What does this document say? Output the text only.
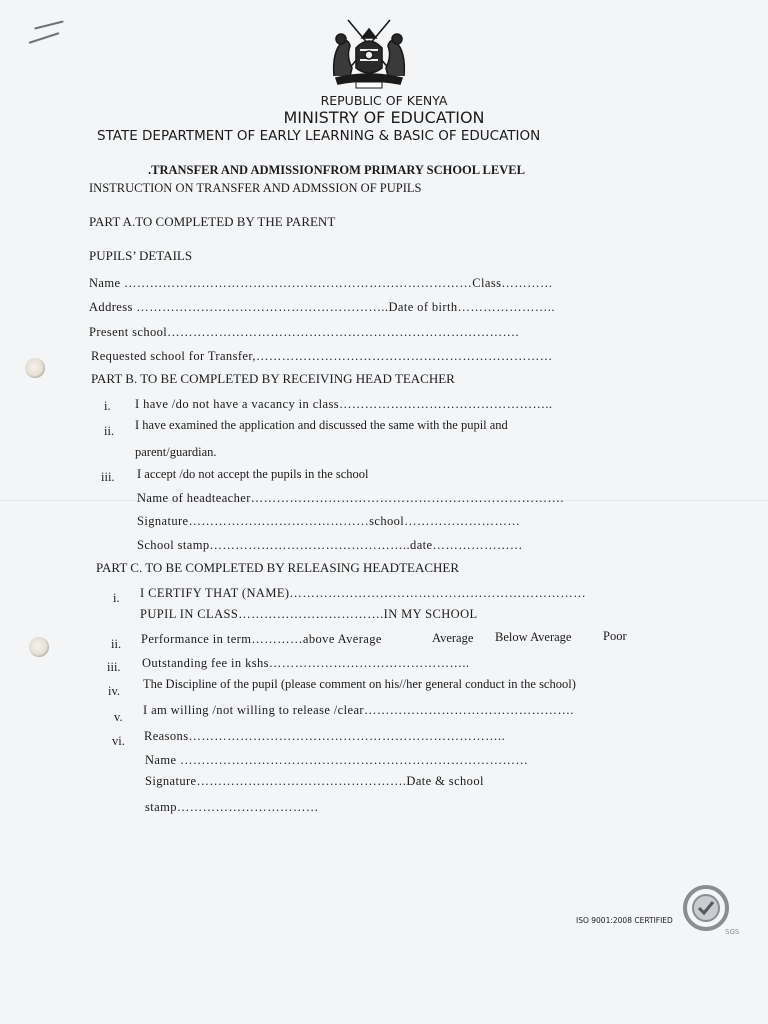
REPUBLIC OF KENYA
MINISTRY OF EDUCATION
STATE DEPARTMENT OF EARLY LEARNING & BASIC OF EDUCATION
.TRANSFER AND ADMISSIONFROM PRIMARY SCHOOL LEVEL
INSTRUCTION ON TRANSFER AND ADMSSION OF PUPILS
PART A.TO COMPLETED BY THE PARENT
PUPILS’ DETAILS
Name ………………………………………………………………………Class…………
Address …………………………………………………..Date of birth…………………..
Present school……………………………………………………………………….
Requested school for Transfer,……………………………………………………………
PART B. TO BE COMPLETED BY RECEIVING HEAD TEACHER
i. I have /do not have a vacancy in class…………………………………………..
ii. I have examined the application and discussed the same with the pupil and
parent/guardian.
iii. I accept /do not accept the pupils in the school
Name of headteacher……………………………………………………………….
Signature……………………………………school………………………
School stamp………………………………………..date…………………
PART C. TO BE COMPLETED BY RELEASING HEADTEACHER
i. I CERTIFY THAT (NAME)……………………………………………………………
PUPIL IN CLASS…………………………….IN MY SCHOOL
ii. Performance in term…………above Average	Average Below Average	Poor
iii. Outstanding fee in kshs………………………………………..
iv. The Discipline of the pupil (please comment on his//her general conduct in the school)
v. I am willing /not willing to release /clear………………………………………….
vi. Reasons………………………………………………………………..
Name ………………………………………………………………………
Signature………………………………………….Date & school
stamp……………………………
ISO 9001:2008 CERTIFIED
SGS
